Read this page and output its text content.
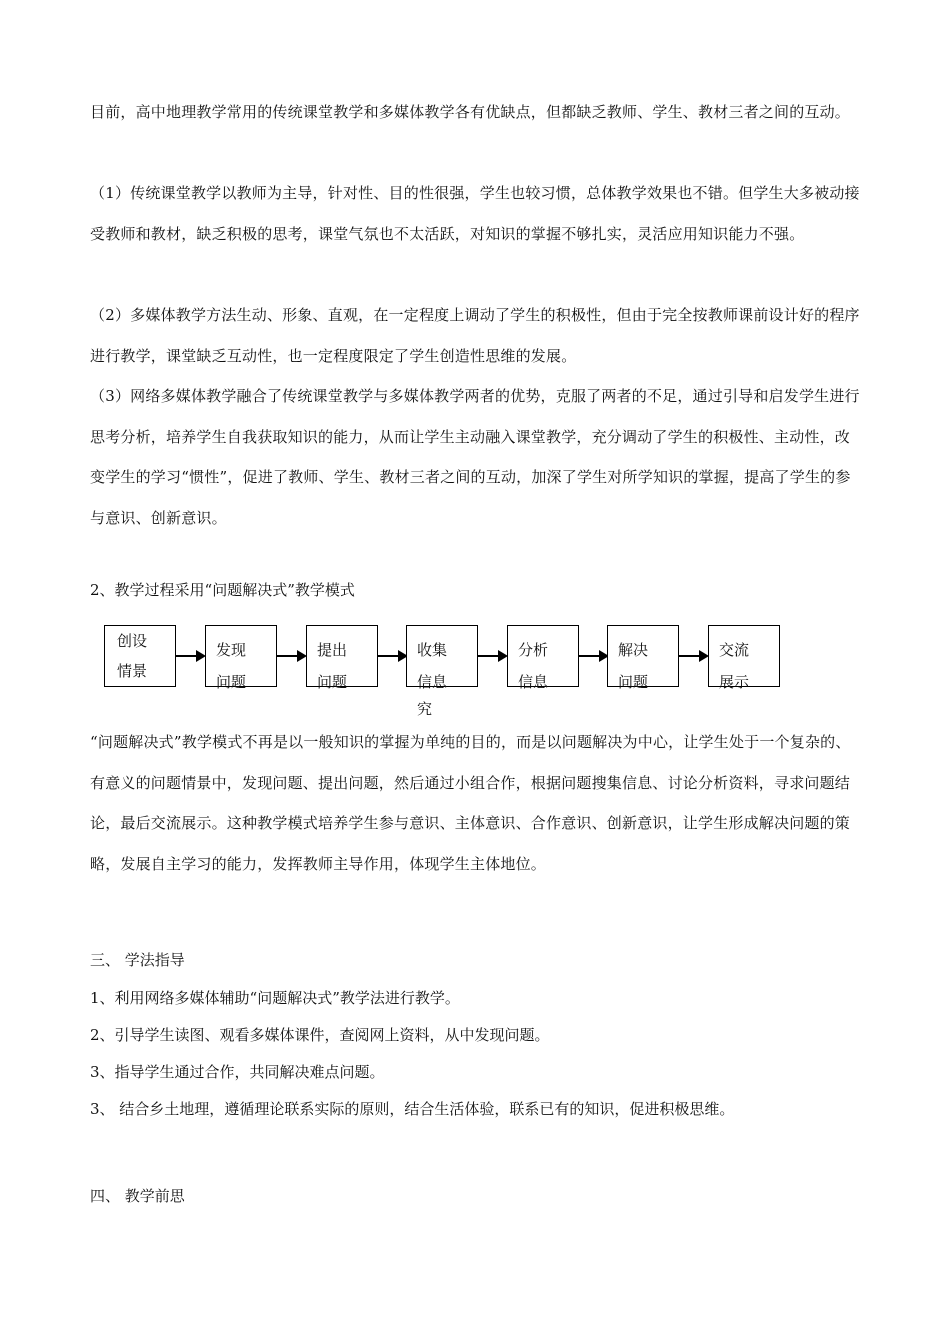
目前，高中地理教学常用的传统课堂教学和多媒体教学各有优缺点，但都缺乏教师、学生、教材三者之间的互动。

（1）传统课堂教学以教师为主导，针对性、目的性很强，学生也较习惯，总体教学效果也不错。但学生大多被动接受教师和教材，缺乏积极的思考，课堂气氛也不太活跃，对知识的掌握不够扎实，灵活应用知识能力不强。

（2）多媒体教学方法生动、形象、直观，在一定程度上调动了学生的积极性，但由于完全按教师课前设计好的程序进行教学，课堂缺乏互动性，也一定程度限定了学生创造性思维的发展。

（3）网络多媒体教学融合了传统课堂教学与多媒体教学两者的优势，克服了两者的不足，通过引导和启发学生进行思考分析，培养学生自我获取知识的能力，从而让学生主动融入课堂教学，充分调动了学生的积极性、主动性，改变学生的学习“惯性”，促进了教师、学生、教材三者之间的互动，加深了学生对所学知识的掌握，提高了学生的参与意识、创新意识。

2、教学过程采用“问题解决式”教学模式

创设情景
发现问题
提出问题
收集信息
究
分析信息
解决问题
交流展示

“问题解决式”教学模式不再是以一般知识的掌握为单纯的目的，而是以问题解决为中心，让学生处于一个复杂的、有意义的问题情景中，发现问题、提出问题，然后通过小组合作，根据问题搜集信息、讨论分析资料，寻求问题结论，最后交流展示。这种教学模式培养学生参与意识、主体意识、合作意识、创新意识，让学生形成解决问题的策略，发展自主学习的能力，发挥教师主导作用，体现学生主体地位。

三、 学法指导

1、利用网络多媒体辅助“问题解决式”教学法进行教学。

2、引导学生读图、观看多媒体课件，查阅网上资料，从中发现问题。

3、指导学生通过合作，共同解决难点问题。

3、 结合乡土地理，遵循理论联系实际的原则，结合生活体验，联系已有的知识，促进积极思维。

四、 教学前思
